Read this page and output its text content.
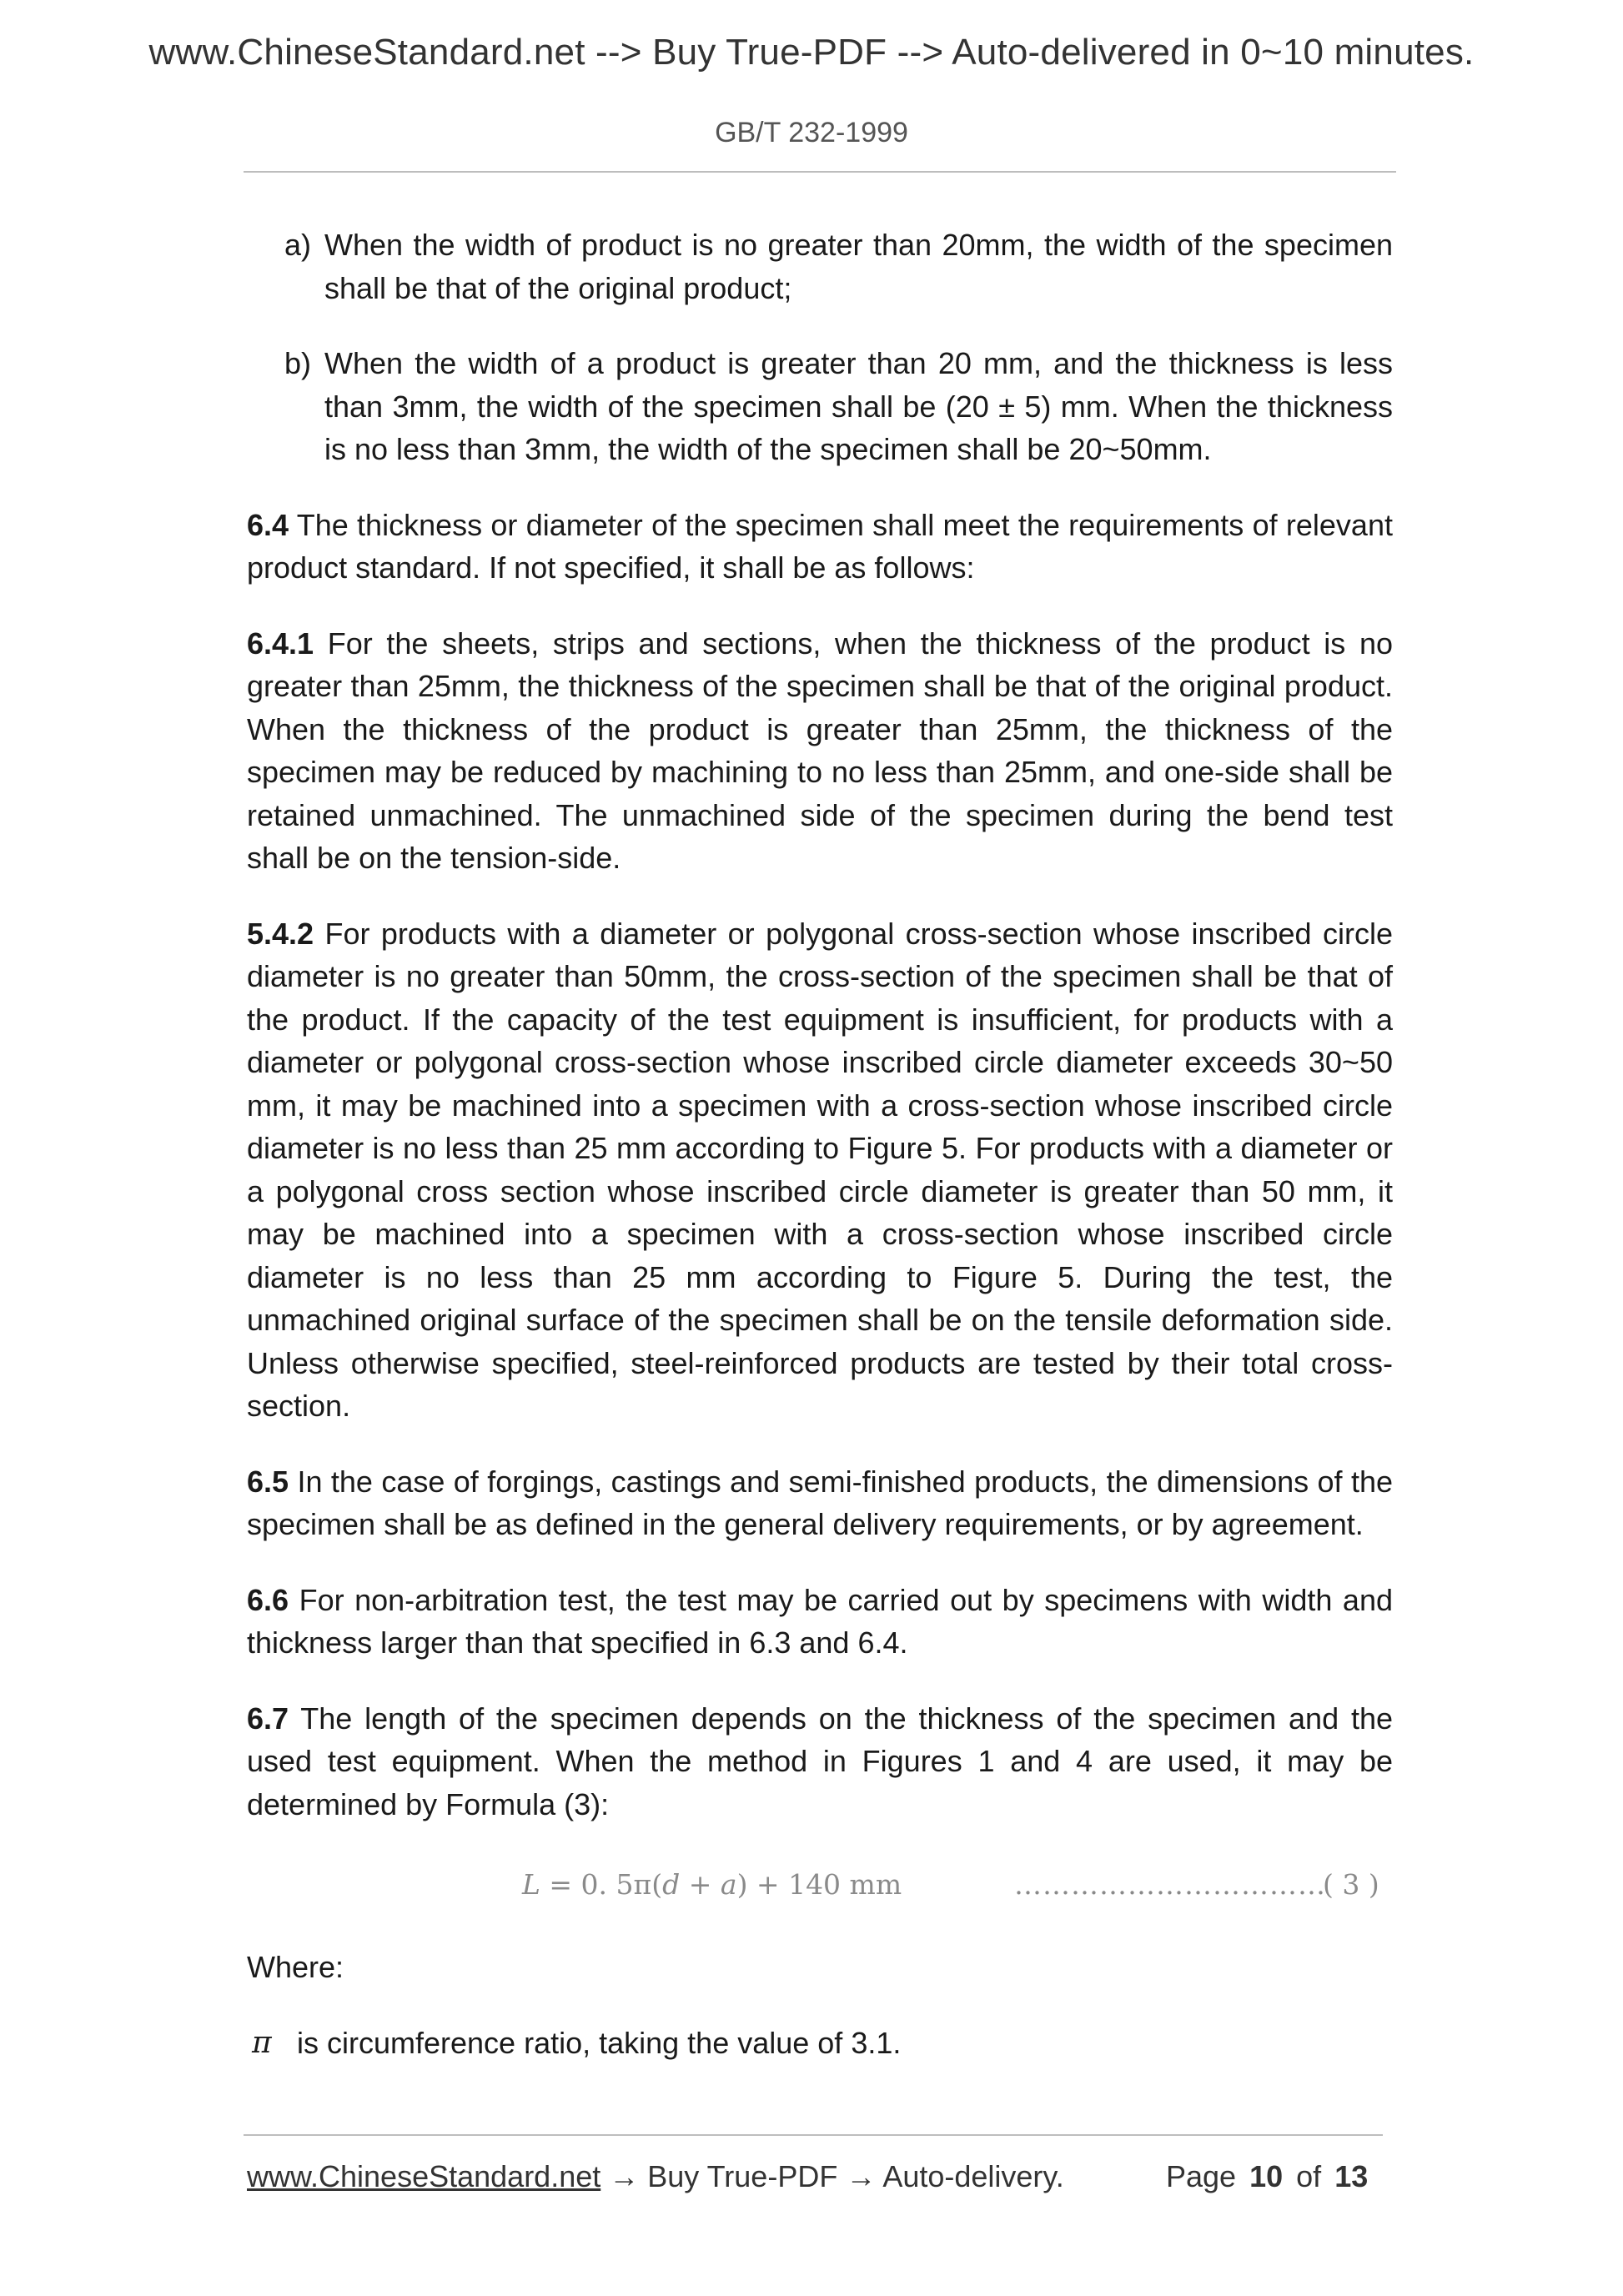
www.ChineseStandard.net --> Buy True-PDF --> Auto-delivered in 0~10 minutes.
GB/T 232-1999
a) When the width of product is no greater than 20mm, the width of the specimen shall be that of the original product;
b) When the width of a product is greater than 20 mm, and the thickness is less than 3mm, the width of the specimen shall be (20 ± 5) mm. When the thickness is no less than 3mm, the width of the specimen shall be 20~50mm.

6.4 The thickness or diameter of the specimen shall meet the requirements of relevant product standard. If not specified, it shall be as follows:

6.4.1 For the sheets, strips and sections, when the thickness of the product is no greater than 25mm, the thickness of the specimen shall be that of the original product. When the thickness of the product is greater than 25mm, the thickness of the specimen may be reduced by machining to no less than 25mm, and one-side shall be retained unmachined. The unmachined side of the specimen during the bend test shall be on the tension-side.

5.4.2 For products with a diameter or polygonal cross-section whose inscribed circle diameter is no greater than 50mm, the cross-section of the specimen shall be that of the product. If the capacity of the test equipment is insufficient, for products with a diameter or polygonal cross-section whose inscribed circle diameter exceeds 30~50 mm, it may be machined into a specimen with a cross-section whose inscribed circle diameter is no less than 25 mm according to Figure 5. For products with a diameter or a polygonal cross section whose inscribed circle diameter is greater than 50 mm, it may be machined into a specimen with a cross-section whose inscribed circle diameter is no less than 25 mm according to Figure 5. During the test, the unmachined original surface of the specimen shall be on the tensile deformation side. Unless otherwise specified, steel-reinforced products are tested by their total cross-section.

6.5 In the case of forgings, castings and semi-finished products, the dimensions of the specimen shall be as defined in the general delivery requirements, or by agreement.

6.6 For non-arbitration test, the test may be carried out by specimens with width and thickness larger than that specified in 6.3 and 6.4.

6.7 The length of the specimen depends on the thickness of the specimen and the used test equipment. When the method in Figures 1 and 4 are used, it may be determined by Formula (3):

L = 0. 5π(d + a) + 140 mm	……………………………
( 3 )

Where:

π is circumference ratio, taking the value of 3.1.
www.ChineseStandard.net → Buy True-PDF → Auto-delivery.	Page 10 of 13
